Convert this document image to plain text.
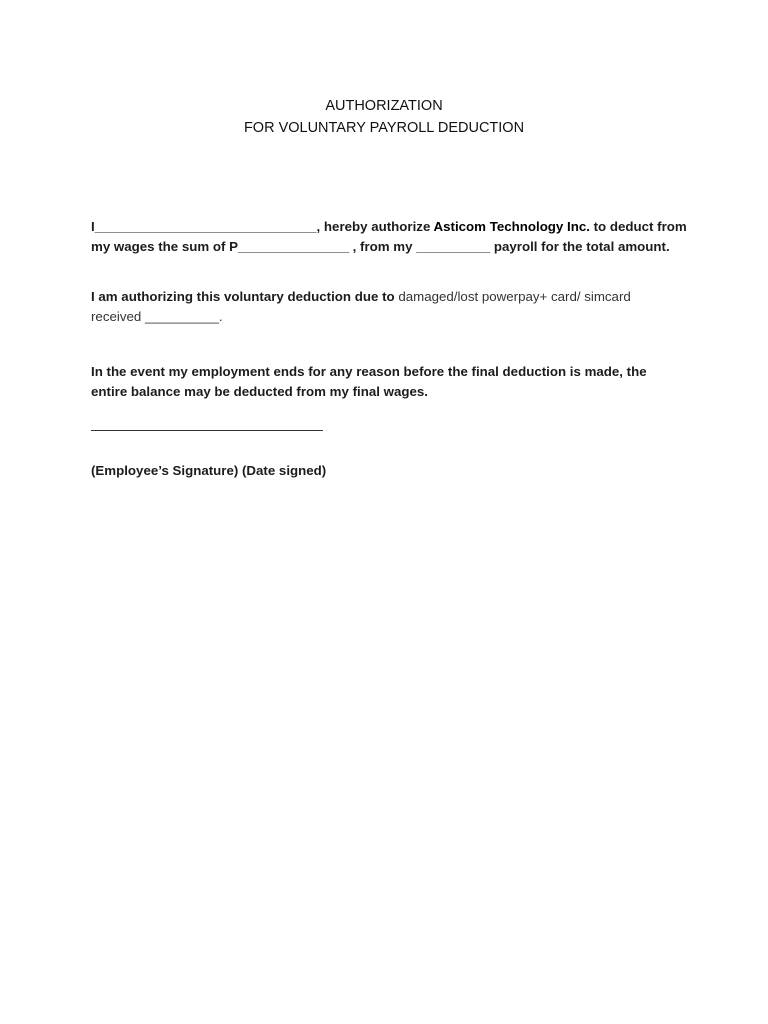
AUTHORIZATION
FOR VOLUNTARY PAYROLL DEDUCTION
I______________________________, hereby authorize Asticom Technology Inc. to deduct from
my wages the sum of P_______________ , from my __________ payroll for the total amount.
I am authorizing this voluntary deduction due to damaged/lost powerpay+ card/ simcard
received __________.
In the event my employment ends for any reason before the final deduction is made, the
entire balance may be deducted from my final wages.
(Employee’s Signature) (Date signed)
